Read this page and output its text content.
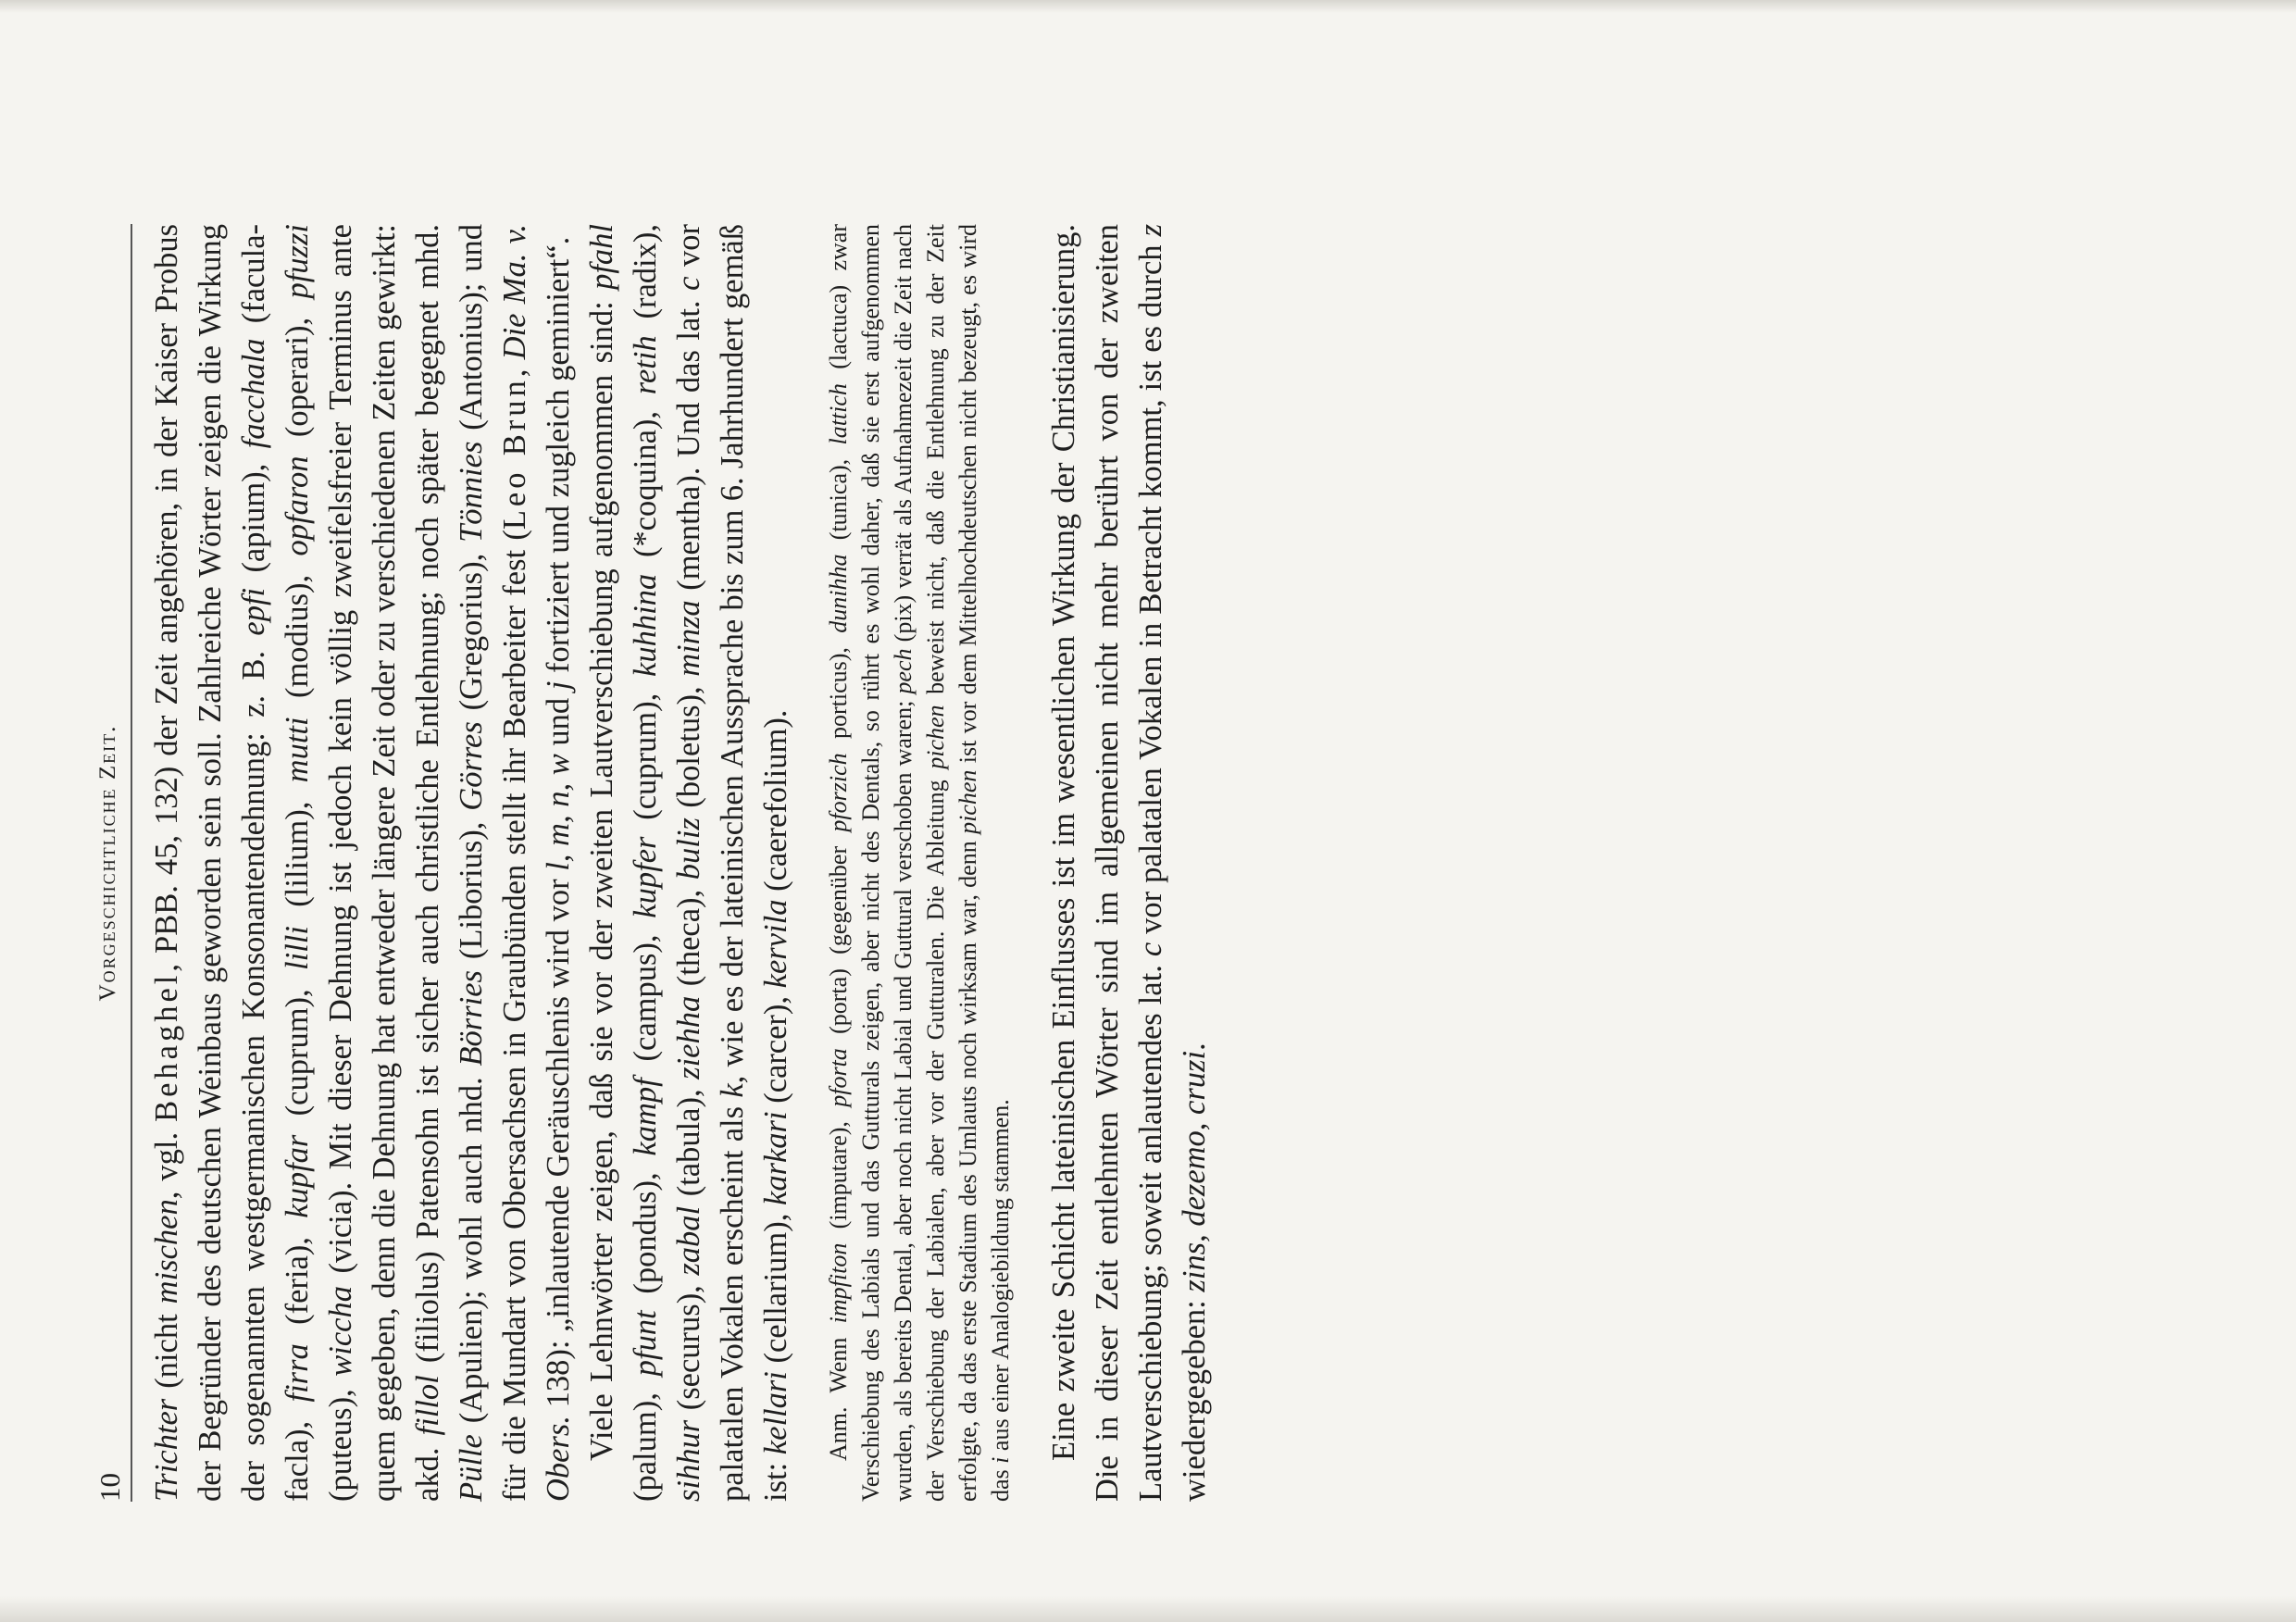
10
Vorgeschichtliche Zeit.

Trichter (nicht mischen, vgl. Behaghel, PBB. 45, 132) der Zeit angehören, in der Kaiser Probus der Begründer des deutschen Weinbaus geworden sein soll. Zahlreiche Wörter zeigen die Wirkung der sogenannten westgermanischen Konsonantendehnung: z. B. epfi (apium), facchala (facula-facla), firra (feria), kupfar (cuprum), lilli (lilium), mutti (modius), opfaron (operari), pfuzzi (puteus), wiccha (vicia). Mit dieser Dehnung ist jedoch kein völlig zweifelsfreier Terminus ante quem gegeben, denn die Dehnung hat entweder längere Zeit oder zu verschiedenen Zeiten gewirkt: akd. fillol (filiolus) Patensohn ist sicher auch christliche Entlehnung; noch später begegnet mhd. Pülle (Apulien); wohl auch nhd. Börries (Liborius), Görres (Gregorius), Tönnies (Antonius); und für die Mundart von Obersachsen in Graubünden stellt ihr Bearbeiter fest (Leo Brun, Die Ma. v. Obers. 138): „inlautende Geräuschlenis wird vor l, m, n, w und j fortiziert und zugleich geminiert“. Viele Lehnwörter zeigen, daß sie vor der zweiten Lautverschiebung aufgenommen sind: pfahl (palum), pfunt (pondus), kampf (campus), kupfer (cuprum), kuhhina (*coquina), retih (radix), sihhur (securus), zabal (tabula), ziehha (theca), buliz (boletus), minza (mentha). Und das lat. c vor palatalen Vokalen erscheint als k, wie es der lateinischen Aussprache bis zum 6. Jahrhundert gemäß ist: kellari (cellarium), karkari (carcer), kervila (caerefolium).

Anm. Wenn impfiton (imputare), pforta (porta) (gegenüber pforzich porticus), dunihha (tunica), lattich (lactuca) zwar Verschiebung des Labials und das Gutturals zeigen, aber nicht des Dentals, so rührt es wohl daher, daß sie erst aufgenommen wurden, als bereits Dental, aber noch nicht Labial und Guttural verschoben waren; pech (pix) verrät als Aufnahmezeit die Zeit nach der Verschiebung der Labialen, aber vor der Gutturalen. Die Ableitung pichen beweist nicht, daß die Entlehnung zu der Zeit erfolgte, da das erste Stadium des Umlauts noch wirksam war, denn pichen ist vor dem Mittelhochdeutschen nicht bezeugt, es wird das i aus einer Analogiebildung stammen. Eine zweite Schicht lateinischen Einflusses ist im wesentlichen Wirkung der Christianisierung. Die in dieser Zeit entlehnten Wörter sind im allgemeinen nicht mehr berührt von der zweiten Lautverschiebung; soweit anlautendes lat. c vor palatalen Vokalen in Betracht kommt, ist es durch z wiedergegeben: zins, dezemo, cruzi.
